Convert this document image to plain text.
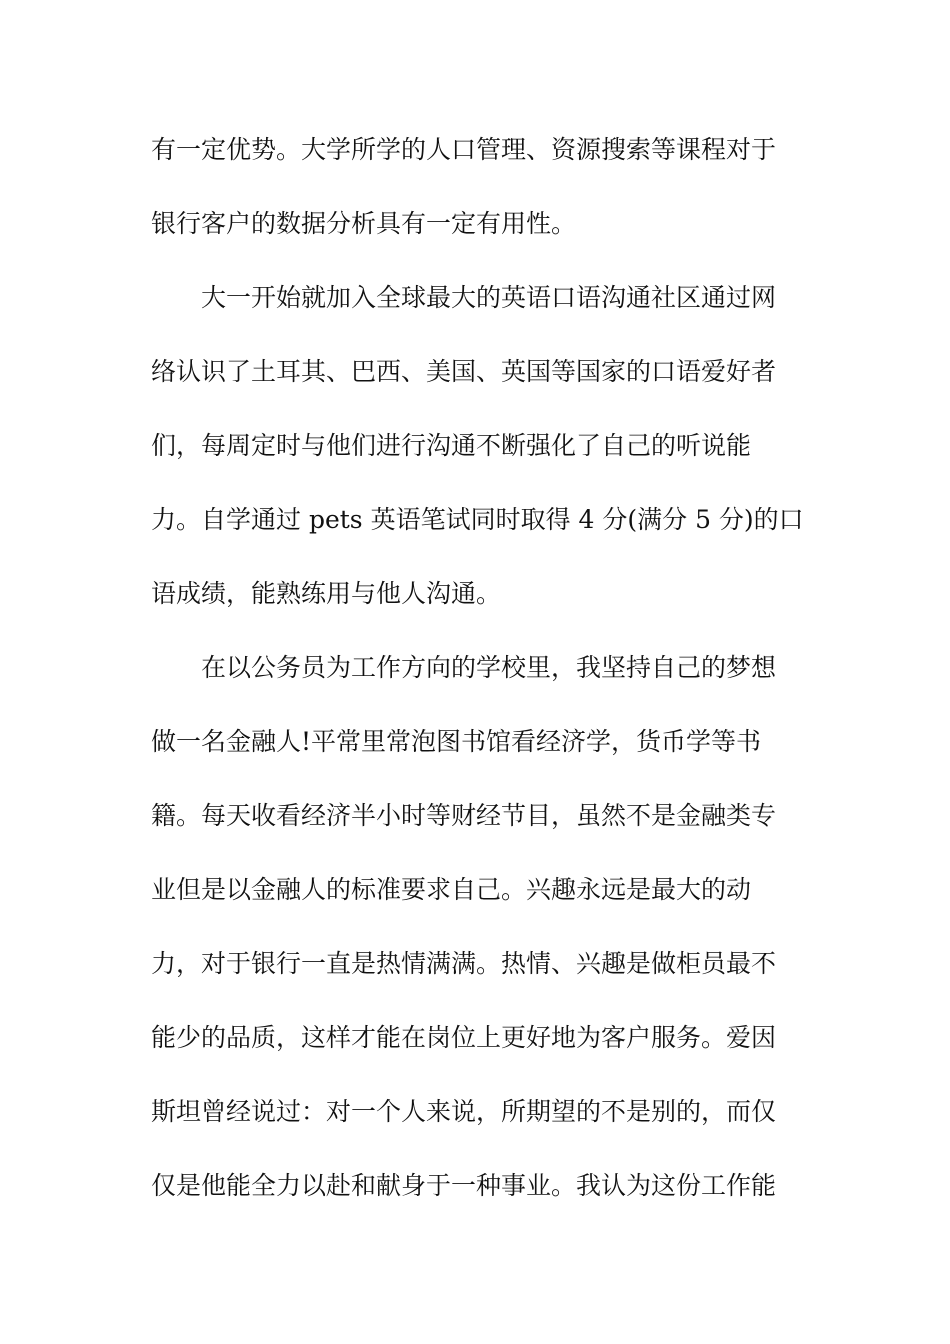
有一定优势。大学所学的人口管理、资源搜索等课程对于
银行客户的数据分析具有一定有用性。
大一开始就加入全球最大的英语口语沟通社区通过网
络认识了土耳其、巴西、美国、英国等国家的口语爱好者
们，每周定时与他们进行沟通不断强化了自己的听说能
力。自学通过 pets 英语笔试同时取得 4 分(满分 5 分)的口
语成绩，能熟练用与他人沟通。
在以公务员为工作方向的学校里，我坚持自己的梦想
做一名金融人!平常里常泡图书馆看经济学，货币学等书
籍。每天收看经济半小时等财经节目，虽然不是金融类专
业但是以金融人的标准要求自己。兴趣永远是最大的动
力，对于银行一直是热情满满。热情、兴趣是做柜员最不
能少的品质，这样才能在岗位上更好地为客户服务。爱因
斯坦曾经说过：对一个人来说，所期望的不是别的，而仅
仅是他能全力以赴和献身于一种事业。我认为这份工作能
